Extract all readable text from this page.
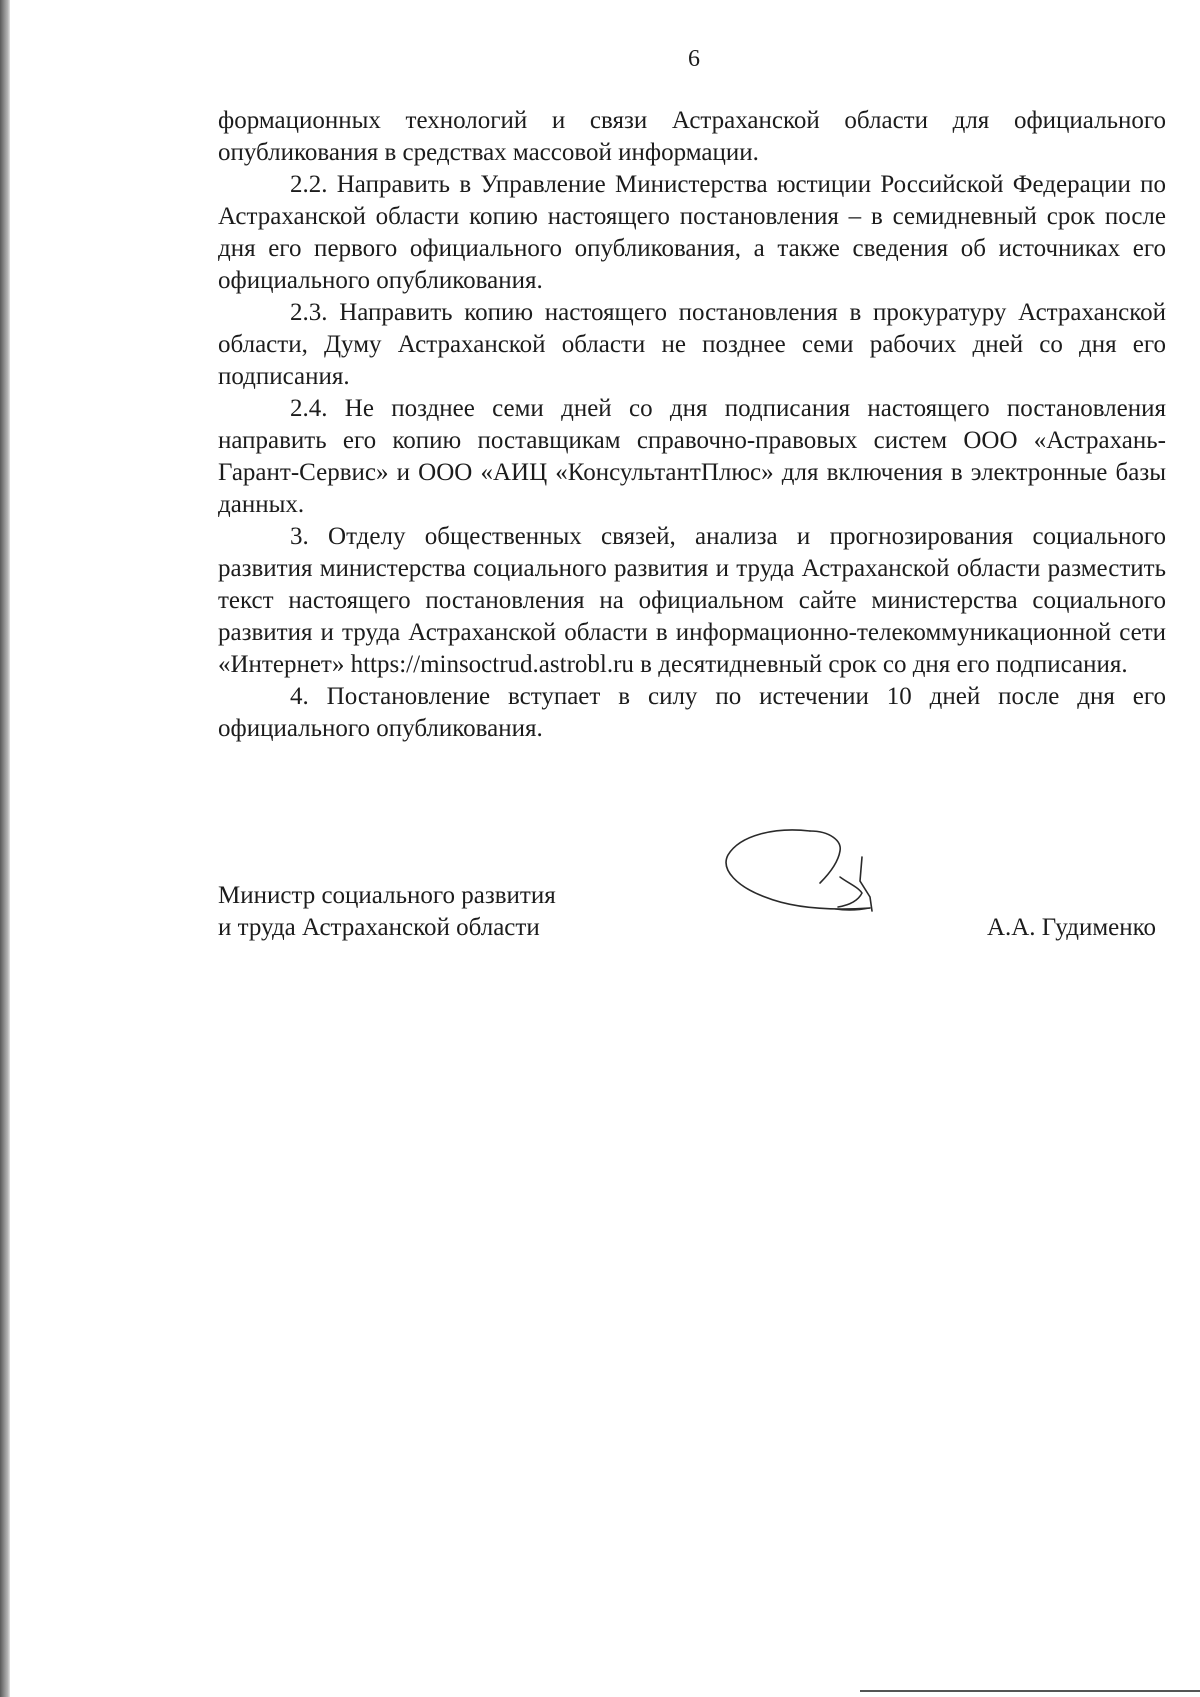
6

формационных технологий и связи Астраханской области для официального опубликования в средствах массовой информации.

2.2. Направить в Управление Министерства юстиции Российской Федерации по Астраханской области копию настоящего постановления – в семидневный срок после дня его первого официального опубликования, а также сведения об источниках его официального опубликования.

2.3. Направить копию настоящего постановления в прокуратуру Астраханской области, Думу Астраханской области не позднее семи рабочих дней со дня его подписания.

2.4. Не позднее семи дней со дня подписания настоящего постановления направить его копию поставщикам справочно-правовых систем ООО «Астрахань-Гарант-Сервис» и ООО «АИЦ «КонсультантПлюс» для включения в электронные базы данных.

3. Отделу общественных связей, анализа и прогнозирования социального развития министерства социального развития и труда Астраханской области разместить текст настоящего постановления на официальном сайте министерства социального развития и труда Астраханской области в информационно-телекоммуникационной сети «Интернет» https://minsoctrud.astrobl.ru в десятидневный срок со дня его подписания.

4. Постановление вступает в силу по истечении 10 дней после дня его официального опубликования.

Министр социального развития
и труда Астраханской области	А.А. Гудименко
